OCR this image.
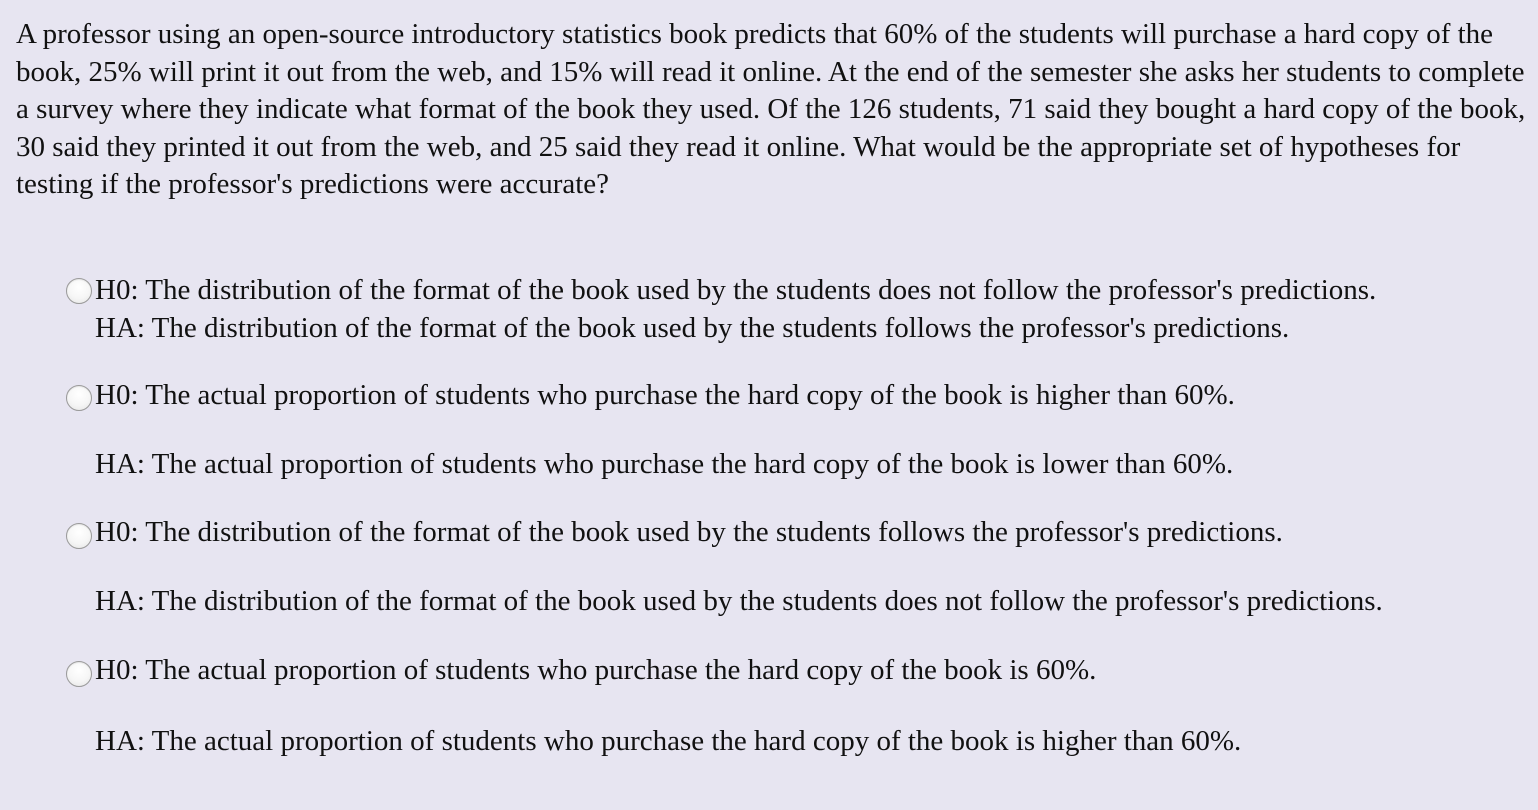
A professor using an open-source introductory statistics book predicts that 60% of the students will purchase a hard copy of the book, 25% will print it out from the web, and 15% will read it online. At the end of the semester she asks her students to complete a survey where they indicate what format of the book they used. Of the 126 students, 71 said they bought a hard copy of the book, 30 said they printed it out from the web, and 25 said they read it online. What would be the appropriate set of hypotheses for testing if the professor's predictions were accurate?

H0: The distribution of the format of the book used by the students does not follow the professor's predictions.

HA: The distribution of the format of the book used by the students follows the professor's predictions.

H0: The actual proportion of students who purchase the hard copy of the book is higher than 60%.

HA: The actual proportion of students who purchase the hard copy of the book is lower than 60%.

H0: The distribution of the format of the book used by the students follows the professor's predictions.

HA: The distribution of the format of the book used by the students does not follow the professor's predictions.

H0: The actual proportion of students who purchase the hard copy of the book is 60%.

HA: The actual proportion of students who purchase the hard copy of the book is higher than 60%.
